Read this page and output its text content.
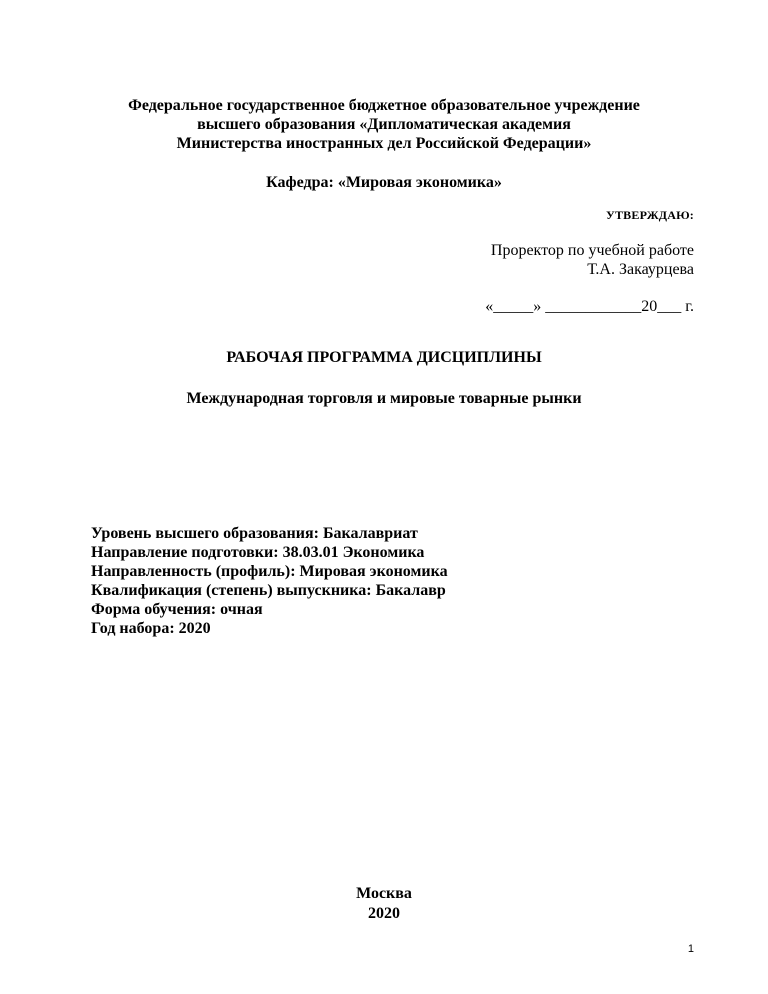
Федеральное государственное бюджетное образовательное учреждение
высшего образования «Дипломатическая академия
Министерства иностранных дел Российской Федерации»
Кафедра: «Мировая экономика»
УТВЕРЖДАЮ:
Проректор по учебной работе
Т.А. Закаурцева
«_____» ____________20___ г.
РАБОЧАЯ ПРОГРАММА ДИСЦИПЛИНЫ
Международная торговля и мировые товарные рынки
Уровень высшего образования: Бакалавриат
Направление подготовки: 38.03.01 Экономика
Направленность (профиль): Мировая экономика
Квалификация (степень) выпускника: Бакалавр
Форма обучения: очная
Год набора: 2020
Москва
2020
1
